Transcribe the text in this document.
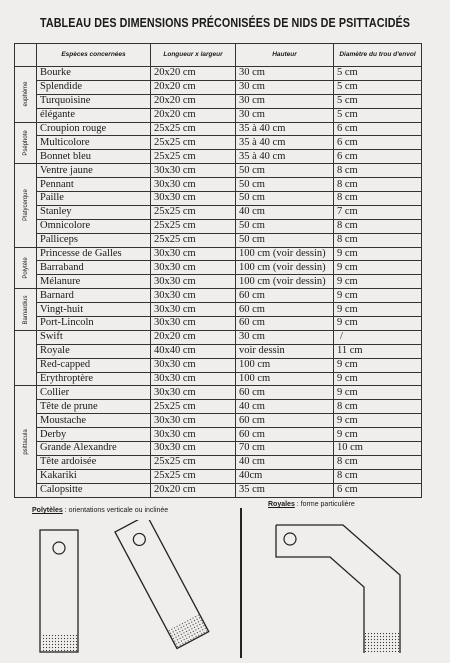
TABLEAU DES DIMENSIONS PRÉCONISÉES DE NIDS DE PSITTACIDÉS
	Espèces concernées	Longueur x largeur	Hauteur	Diamètre du trou d'envol

euphème	Bourke	20x20 cm	30 cm	5 cm
	Splendide	20x20 cm	30 cm	5 cm
	Turquoisine	20x20 cm	30 cm	5 cm
	élégante	20x20 cm	30 cm	5 cm

Pséphote	Croupion rouge	25x25 cm	35 à 40 cm	6 cm
	Multicolore	25x25 cm	35 à 40 cm	6 cm
	Bonnet bleu	25x25 cm	35 à 40 cm	6 cm

Platycerque	Ventre jaune	30x30 cm	50 cm	8 cm
	Pennant	30x30 cm	50 cm	8 cm
	Paille	30x30 cm	50 cm	8 cm
	Stanley	25x25 cm	40 cm	7 cm
	Omnicolore	25x25 cm	50 cm	8 cm
	Palliceps	25x25 cm	50 cm	8 cm

Polytèle	Princesse de Galles	30x30 cm	100 cm (voir dessin)	9 cm
	Barraband	30x30 cm	100 cm (voir dessin)	9 cm
	Mélanure	30x30 cm	100 cm (voir dessin)	9 cm

Barnardius	Barnard	30x30 cm	60 cm	9 cm
	Vingt-huit	30x30 cm	60 cm	9 cm
	Port-Lincoln	30x30 cm	60 cm	9 cm

	Swift	20x20 cm	30 cm	/
	Royale	40x40 cm	voir dessin	11 cm
	Red-capped	30x30 cm	100 cm	9 cm
	Erythroptère	30x30 cm	100 cm	9 cm

psittacula	Collier	30x30 cm	60 cm	9 cm
	Tête de prune	25x25 cm	40 cm	8 cm
	Moustache	30x30 cm	60 cm	9 cm
	Derby	30x30 cm	60 cm	9 cm
	Grande Alexandre	30x30 cm	70 cm	10 cm
	Tête ardoisée	25x25 cm	40 cm	8 cm
	Kakariki	25x25 cm	40cm	8 cm
	Calopsitte	20x20 cm	35 cm	6 cm
Polytèles : orientations verticale ou inclinée
Royales : forme particulière
